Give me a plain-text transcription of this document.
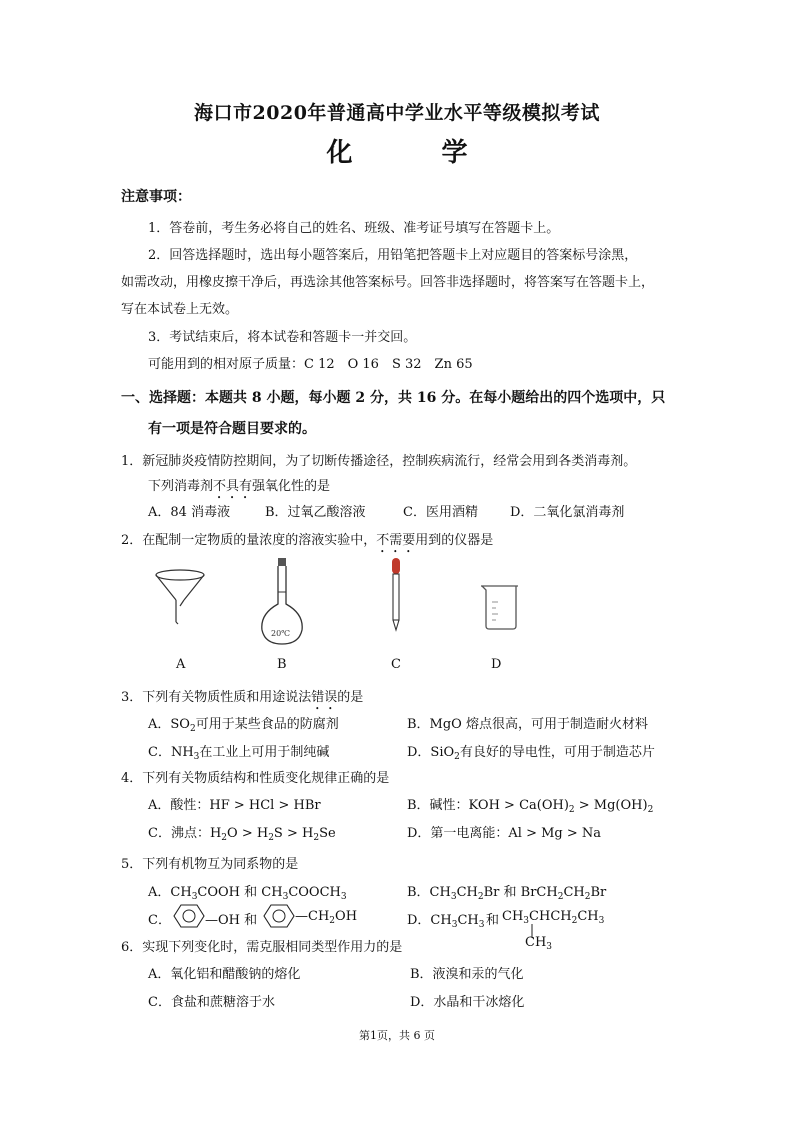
海口市2020年普通高中学业水平等级模拟考试
化 学
注意事项：
1．答卷前，考生务必将自己的姓名、班级、准考证号填写在答题卡上。
2．回答选择题时，选出每小题答案后，用铅笔把答题卡上对应题目的答案标号涂黑，
如需改动，用橡皮擦干净后，再选涂其他答案标号。回答非选择题时，将答案写在答题卡上，
写在本试卷上无效。
3．考试结束后，将本试卷和答题卡一并交回。
可能用到的相对原子质量：C 12　O 16　S 32　Zn 65
一、选择题：本题共 8 小题，每小题 2 分，共 16 分。在每小题给出的四个选项中，只
有一项是符合题目要求的。
1．新冠肺炎疫情防控期间，为了切断传播途径，控制疾病流行，经常会用到各类消毒剂。
下列消毒剂不具有强氧化性的是
A．84 消毒液	B．过氧乙酸溶液	C．医用酒精 D．二氧化氯消毒剂
2．在配制一定物质的量浓度的溶液实验中，不需要用到的仪器是
20℃
A	B	C	D
3．下列有关物质性质和用途说法错误的是
A．$SO_2$可用于某些食品的防腐剂	B．MgO 熔点很高，可用于制造耐火材料
C．$NH_3$在工业上可用于制纯碱	D．SiO$_2$有良好的导电性，可用于制造芯片
4．下列有关物质结构和性质变化规律正确的是
A．酸性：HF > HCl > HBr	B．碱性：KOH > $Ca(OH)_2 > Mg(OH)_2$
C．沸点：$H_2O > H_2S > H_2Se$	D．第一电离能：Al > Mg > Na
5．下列有机物互为同系物的是
A．$CH_3COOH$ 和 $CH_3COOCH_3$	B．$CH_3CH_2Br$ 和 $BrCH_2CH_2Br$
C．	—OH 和	$—CH_2OH$	D．$CH_3CH_3$ 和 $CH_3CHCH_2CH_3$
$CH_3$
6．实现下列变化时，需克服相同类型作用力的是
A．氧化铝和醋酸钠的熔化	B．液溴和汞的气化
C．食盐和蔗糖溶于水	D．水晶和干冰熔化
第1页，共 6 页
